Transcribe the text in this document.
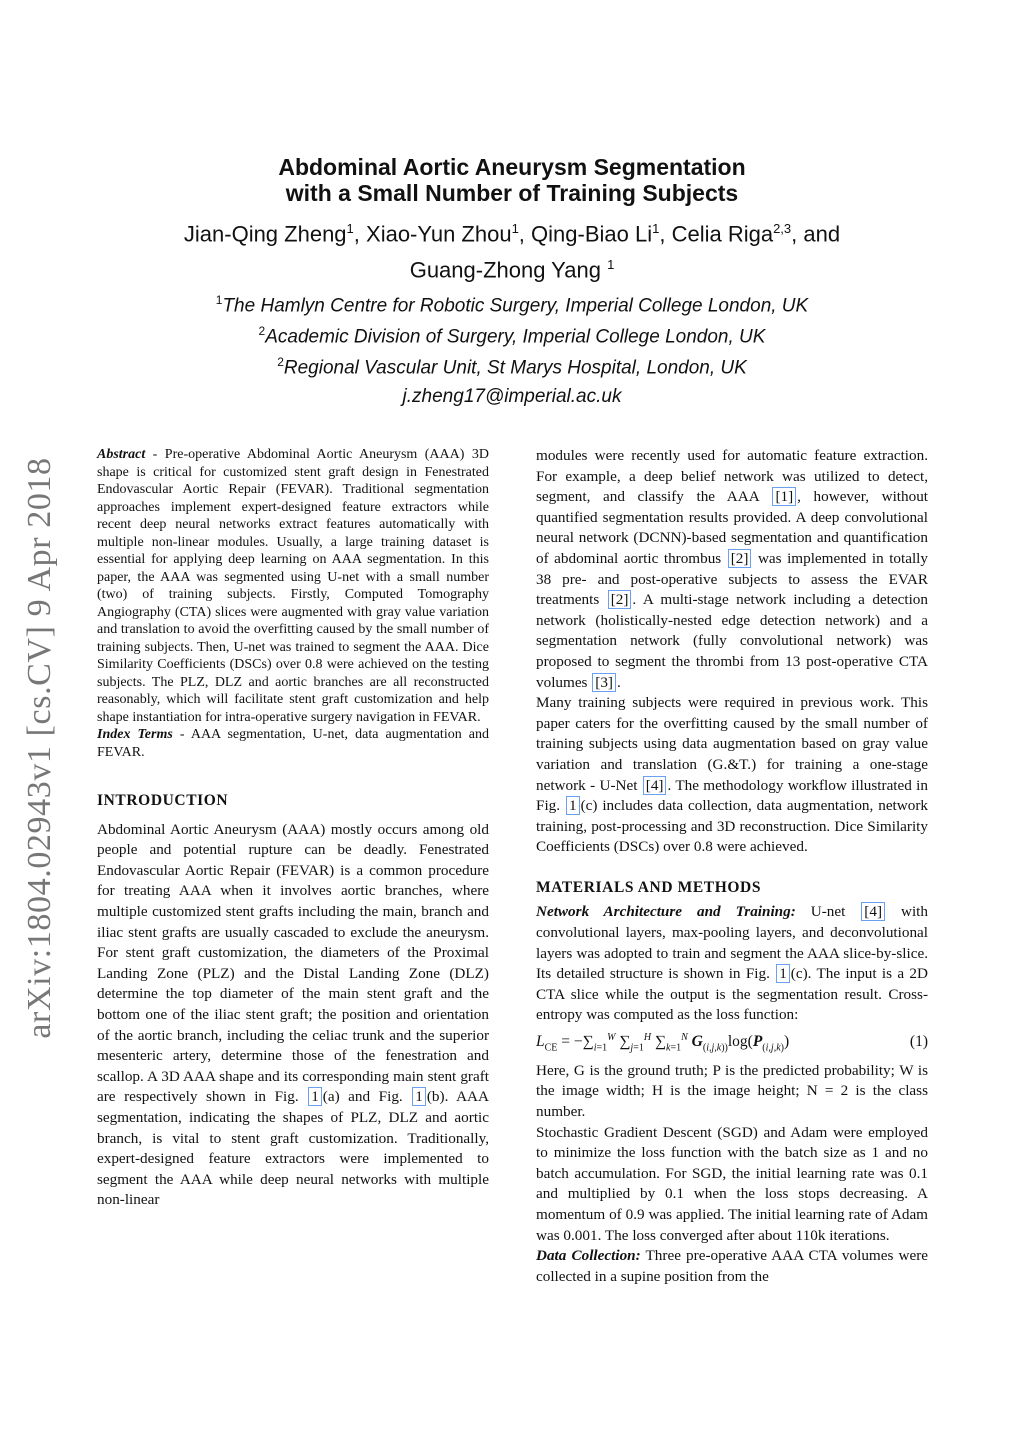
arXiv:1804.02943v1 [cs.CV] 9 Apr 2018
Abdominal Aortic Aneurysm Segmentation
with a Small Number of Training Subjects
Jian-Qing Zheng$^1$, Xiao-Yun Zhou$^1$, Qing-Biao Li$^1$, Celia Riga$^{2,3}$, and
Guang-Zhong Yang $^1$
$^1$The Hamlyn Centre for Robotic Surgery, Imperial College London, UK
$^2$Academic Division of Surgery, Imperial College London, UK
$^2$Regional Vascular Unit, St Marys Hospital, London, UK
j.zheng17@imperial.ac.uk

Abstract - Pre-operative Abdominal Aortic Aneurysm (AAA) 3D shape is critical for customized stent graft design in Fenestrated Endovascular Aortic Repair (FEVAR). Traditional segmentation approaches implement expert-designed feature extractors while recent deep neural networks extract features automatically with multiple non-linear modules. Usually, a large training dataset is essential for applying deep learning on AAA segmentation. In this paper, the AAA was segmented using U-net with a small number (two) of training subjects. Firstly, Computed Tomography Angiography (CTA) slices were augmented with gray value variation and translation to avoid the overfitting caused by the small number of training subjects. Then, U-net was trained to segment the AAA. Dice Similarity Coefficients (DSCs) over 0.8 were achieved on the testing subjects. The PLZ, DLZ and aortic branches are all reconstructed reasonably, which will facilitate stent graft customization and help shape instantiation for intra-operative surgery navigation in FEVAR.

Index Terms - AAA segmentation, U-net, data augmentation and FEVAR.

INTRODUCTION

Abdominal Aortic Aneurysm (AAA) mostly occurs among old people and potential rupture can be deadly. Fenestrated Endovascular Aortic Repair (FEVAR) is a common procedure for treating AAA when it involves aortic branches, where multiple customized stent grafts including the main, branch and iliac stent grafts are usually cascaded to exclude the aneurysm. For stent graft customization, the diameters of the Proximal Landing Zone (PLZ) and the Distal Landing Zone (DLZ) determine the top diameter of the main stent graft and the bottom one of the iliac stent graft; the position and orientation of the aortic branch, including the celiac trunk and the superior mesenteric artery, determine those of the fenestration and scallop. A 3D AAA shape and its corresponding main stent graft are respectively shown in Fig. 1 (a) and Fig. 1 (b). AAA segmentation, indicating the shapes of PLZ, DLZ and aortic branch, is vital to stent graft customization. Traditionally, expert-designed feature extractors were implemented to segment the AAA while deep neural networks with multiple non-linear

modules were recently used for automatic feature extraction. For example, a deep belief network was utilized to detect, segment, and classify the AAA [1] , however, without quantified segmentation results provided. A deep convolutional neural network (DCNN)-based segmentation and quantification of abdominal aortic thrombus [2] was implemented in totally 38 pre- and post-operative subjects to assess the EVAR treatments [2] . A multi-stage network including a detection network (holistically-nested edge detection network) and a segmentation network (fully convolutional network) was proposed to segment the thrombi from 13 post-operative CTA volumes [3] .

Many training subjects were required in previous work. This paper caters for the overfitting caused by the small number of training subjects using data augmentation based on gray value variation and translation (G.&T.) for training a one-stage network - U-Net [4] . The methodology workflow illustrated in Fig. 1 (c) includes data collection, data augmentation, network training, post-processing and 3D reconstruction. Dice Similarity Coefficients (DSCs) over 0.8 were achieved.

MATERIALS AND METHODS

Network Architecture and Training: U-net [4] with convolutional layers, max-pooling layers, and deconvolutional layers was adopted to train and segment the AAA slice-by-slice. Its detailed structure is shown in Fig. 1 (c). The input is a 2D CTA slice while the output is the segmentation result. Cross-entropy was computed as the loss function:

$L_{CE} = -\sum_{i=1}^W$ $\sum_{j=1}^H$ $\sum_{k=1}^N$ $G_{(i,j,k))}\log(P_{(i,j,k)})$	(1)

Here, G is the ground truth; P is the predicted probability; W is the image width; H is the image height; N = 2 is the class number.

Stochastic Gradient Descent (SGD) and Adam were employed to minimize the loss function with the batch size as 1 and no batch accumulation. For SGD, the initial learning rate was 0.1 and multiplied by 0.1 when the loss stops decreasing. A momentum of 0.9 was applied. The initial learning rate of Adam was 0.001. The loss converged after about 110k iterations.

Data Collection: Three pre-operative AAA CTA volumes were collected in a supine position from the
